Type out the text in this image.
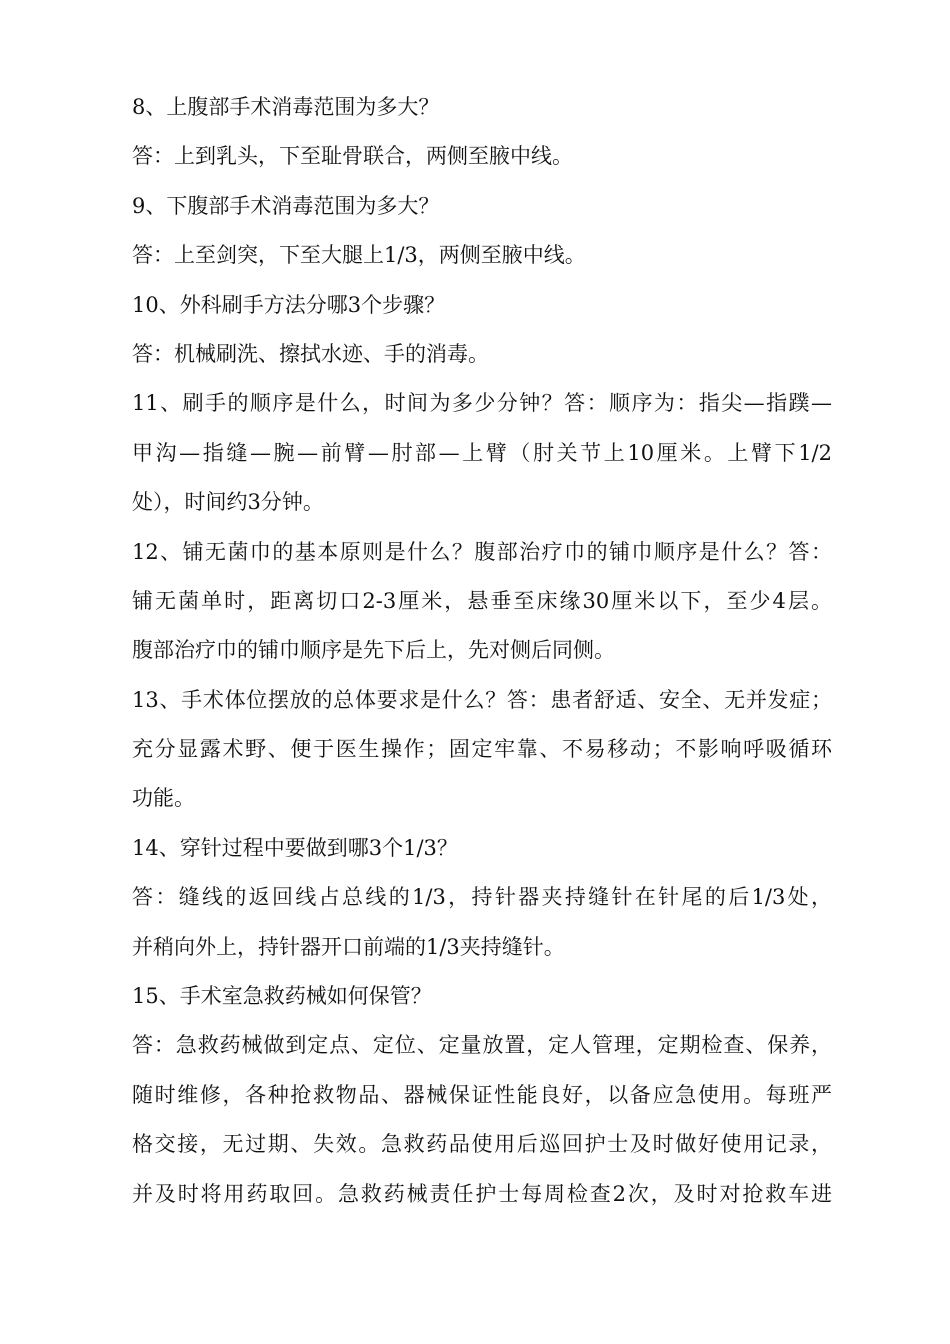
8、上腹部手术消毒范围为多大？
答：上到乳头，下至耻骨联合，两侧至腋中线。
9、下腹部手术消毒范围为多大？
答：上至剑突，下至大腿上1/3，两侧至腋中线。
10、外科刷手方法分哪3个步骤？
答：机械刷洗、擦拭水迹、手的消毒。
11、刷手的顺序是什么，时间为多少分钟？答：顺序为：指尖—指蹼—
甲沟—指缝—腕—前臂—肘部—上臂（肘关节上10厘米。上臂下1/2
处），时间约3分钟。
12、铺无菌巾的基本原则是什么？腹部治疗巾的铺巾顺序是什么？答：
铺无菌单时，距离切口2-3厘米，悬垂至床缘30厘米以下，至少4层。
腹部治疗巾的铺巾顺序是先下后上，先对侧后同侧。
13、手术体位摆放的总体要求是什么？答：患者舒适、安全、无并发症；
充分显露术野、便于医生操作；固定牢靠、不易移动；不影响呼吸循环
功能。
14、穿针过程中要做到哪3个1/3？
答：缝线的返回线占总线的1/3，持针器夹持缝针在针尾的后1/3处，
并稍向外上，持针器开口前端的1/3夹持缝针。
15、手术室急救药械如何保管？
答：急救药械做到定点、定位、定量放置，定人管理，定期检查、保养，
随时维修，各种抢救物品、器械保证性能良好，以备应急使用。每班严
格交接，无过期、失效。急救药品使用后巡回护士及时做好使用记录，
并及时将用药取回。急救药械责任护士每周检查2次，及时对抢救车进
